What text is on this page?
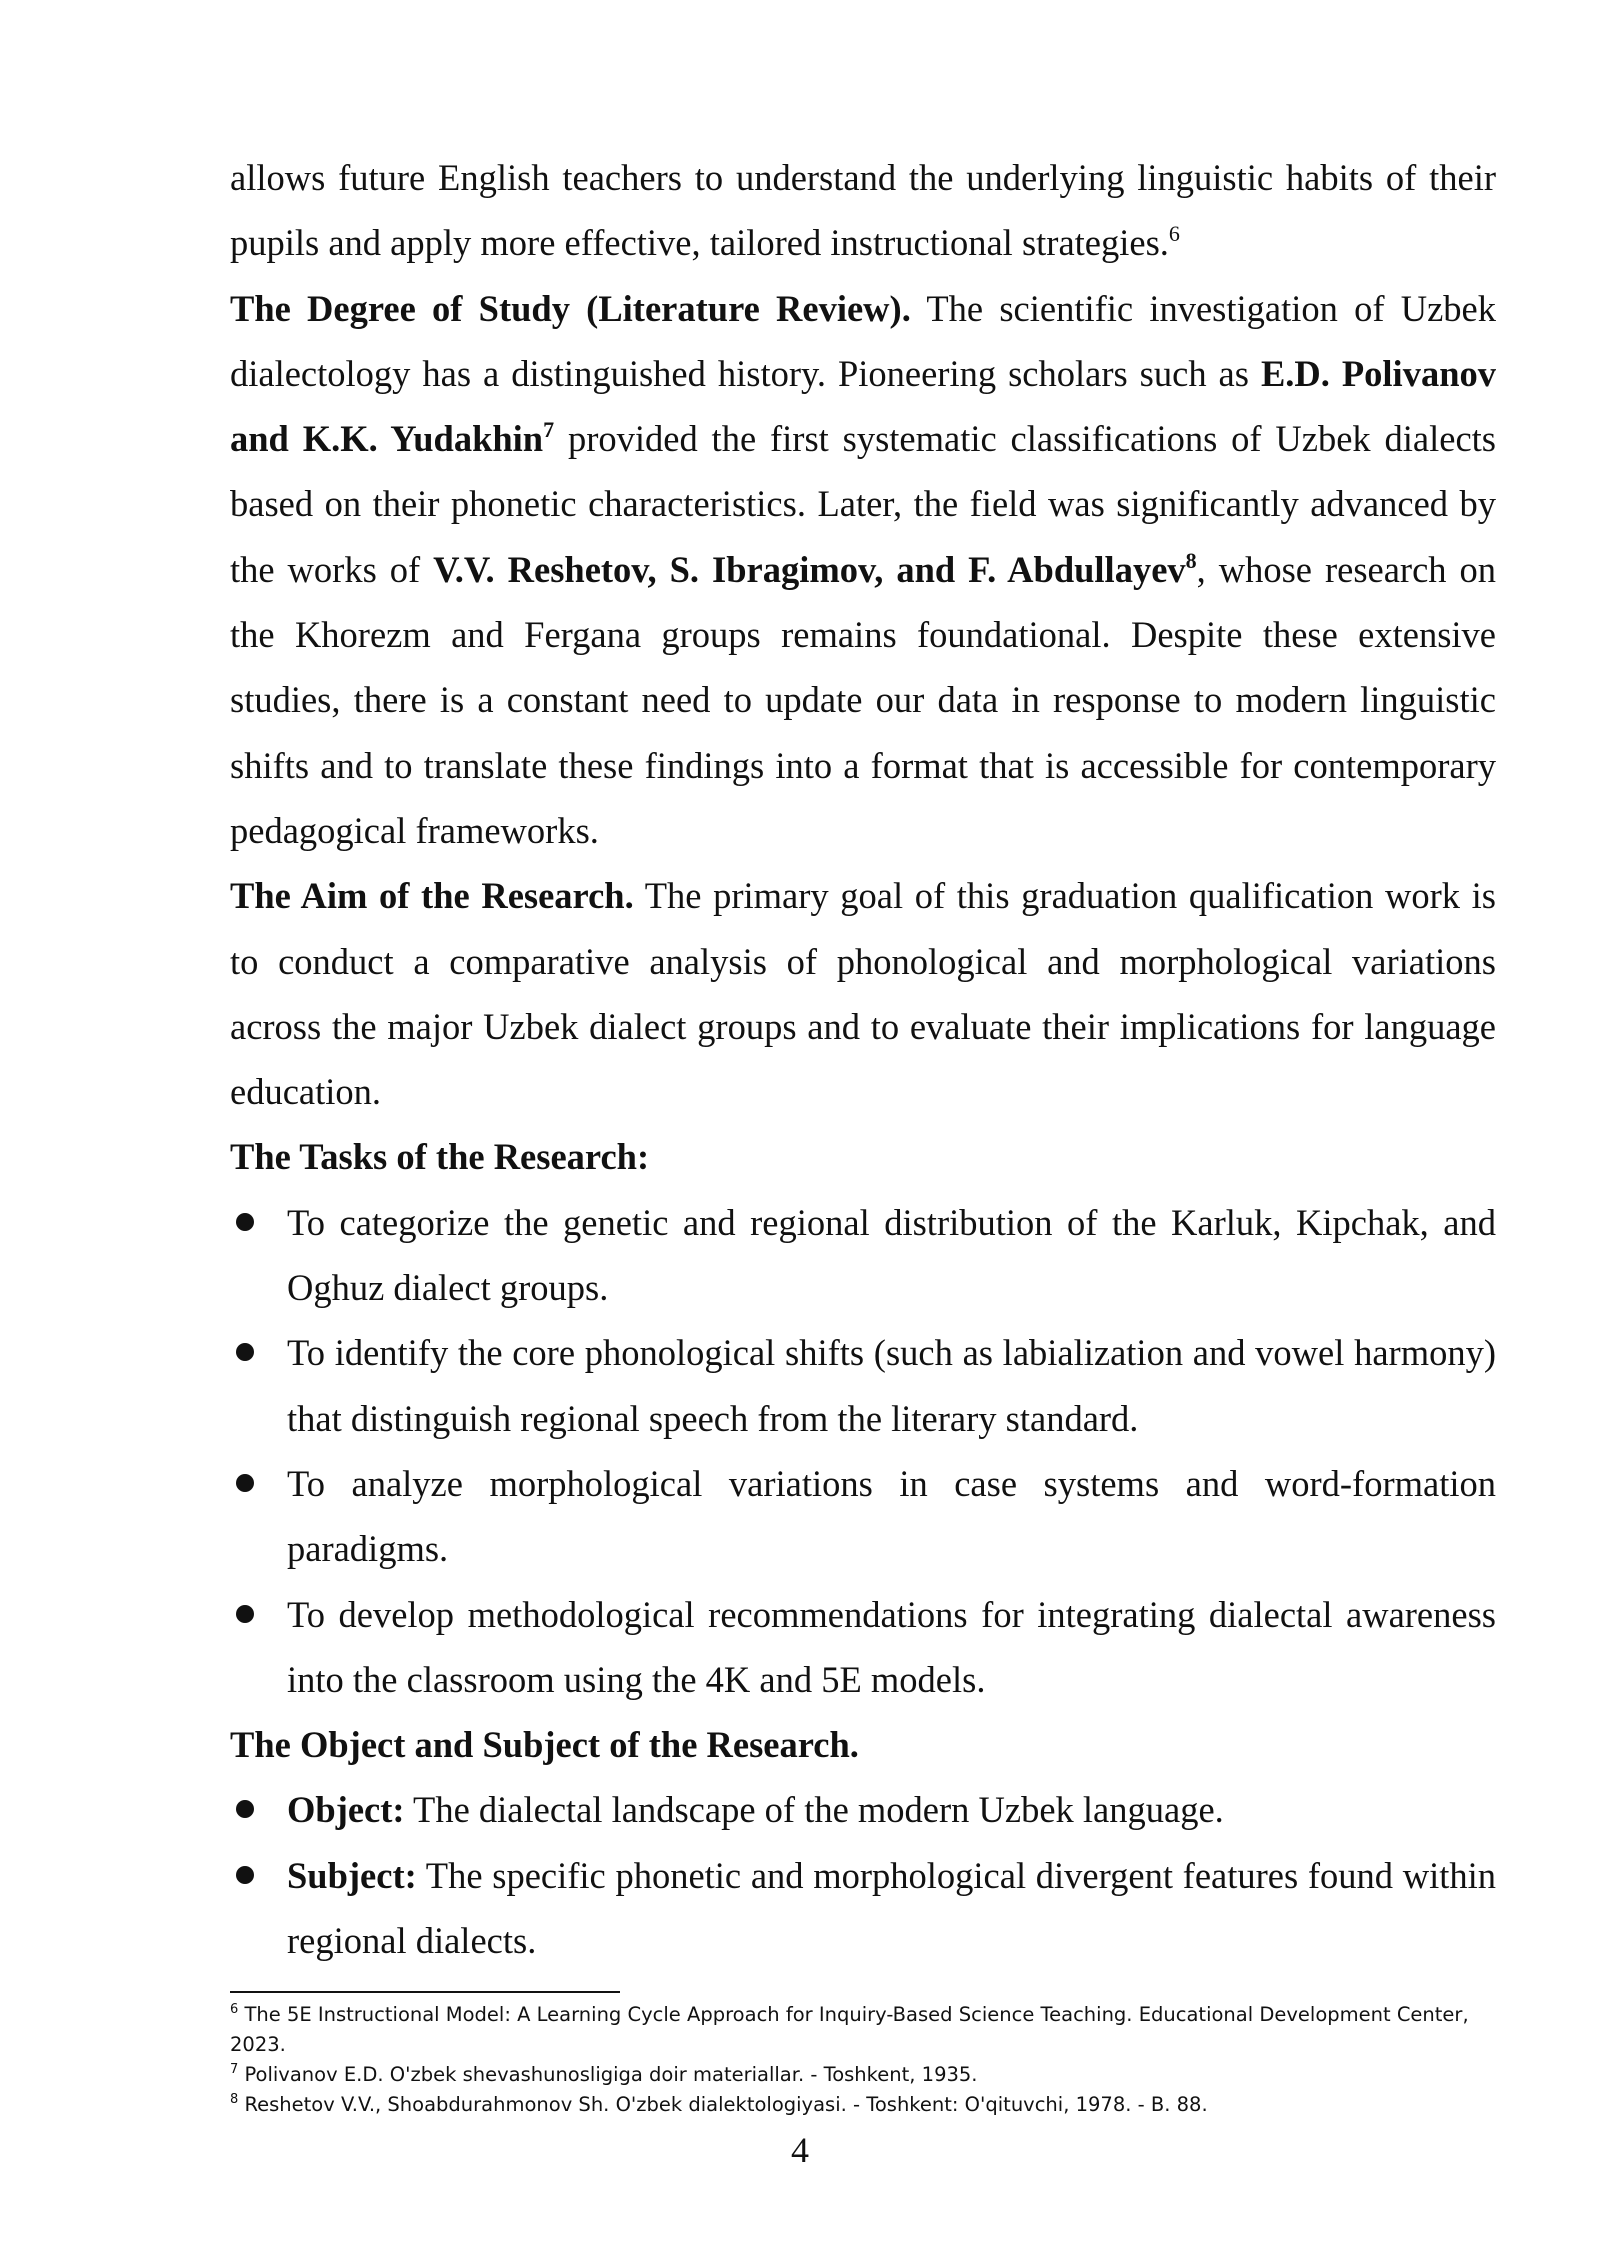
allows future English teachers to understand the underlying linguistic habits of their pupils and apply more effective, tailored instructional strategies.$^6$

The Degree of Study (Literature Review). The scientific investigation of Uzbek dialectology has a distinguished history. Pioneering scholars such as E.D. Polivanov and K.K. Yudakhin$^7$ provided the first systematic classifications of Uzbek dialects based on their phonetic characteristics. Later, the field was significantly advanced by the works of V.V. Reshetov, S. Ibragimov, and F. Abdullayev$^8$, whose research on the Khorezm and Fergana groups remains foundational. Despite these extensive studies, there is a constant need to update our data in response to modern linguistic shifts and to translate these findings into a format that is accessible for contemporary pedagogical frameworks.

The Aim of the Research. The primary goal of this graduation qualification work is to conduct a comparative analysis of phonological and morphological variations across the major Uzbek dialect groups and to evaluate their implications for language education.

The Tasks of the Research:

To categorize the genetic and regional distribution of the Karluk, Kipchak, and Oghuz dialect groups.

To identify the core phonological shifts (such as labialization and vowel harmony) that distinguish regional speech from the literary standard.

To analyze morphological variations in case systems and word-formation paradigms.

To develop methodological recommendations for integrating dialectal awareness into the classroom using the 4K and 5E models.

The Object and Subject of the Research.

Object: The dialectal landscape of the modern Uzbek language.

Subject: The specific phonetic and morphological divergent features found within regional dialects.

$^6$ The 5E Instructional Model: A Learning Cycle Approach for Inquiry-Based Science Teaching. Educational Development Center, 2023.

$^7$ Polivanov E.D. O'zbek shevashunosligiga doir materiallar. - Toshkent, 1935.

$^8$ Reshetov V.V., Shoabdurahmonov Sh. O'zbek dialektologiyasi. - Toshkent: O'qituvchi, 1978. - B. 88.

4
